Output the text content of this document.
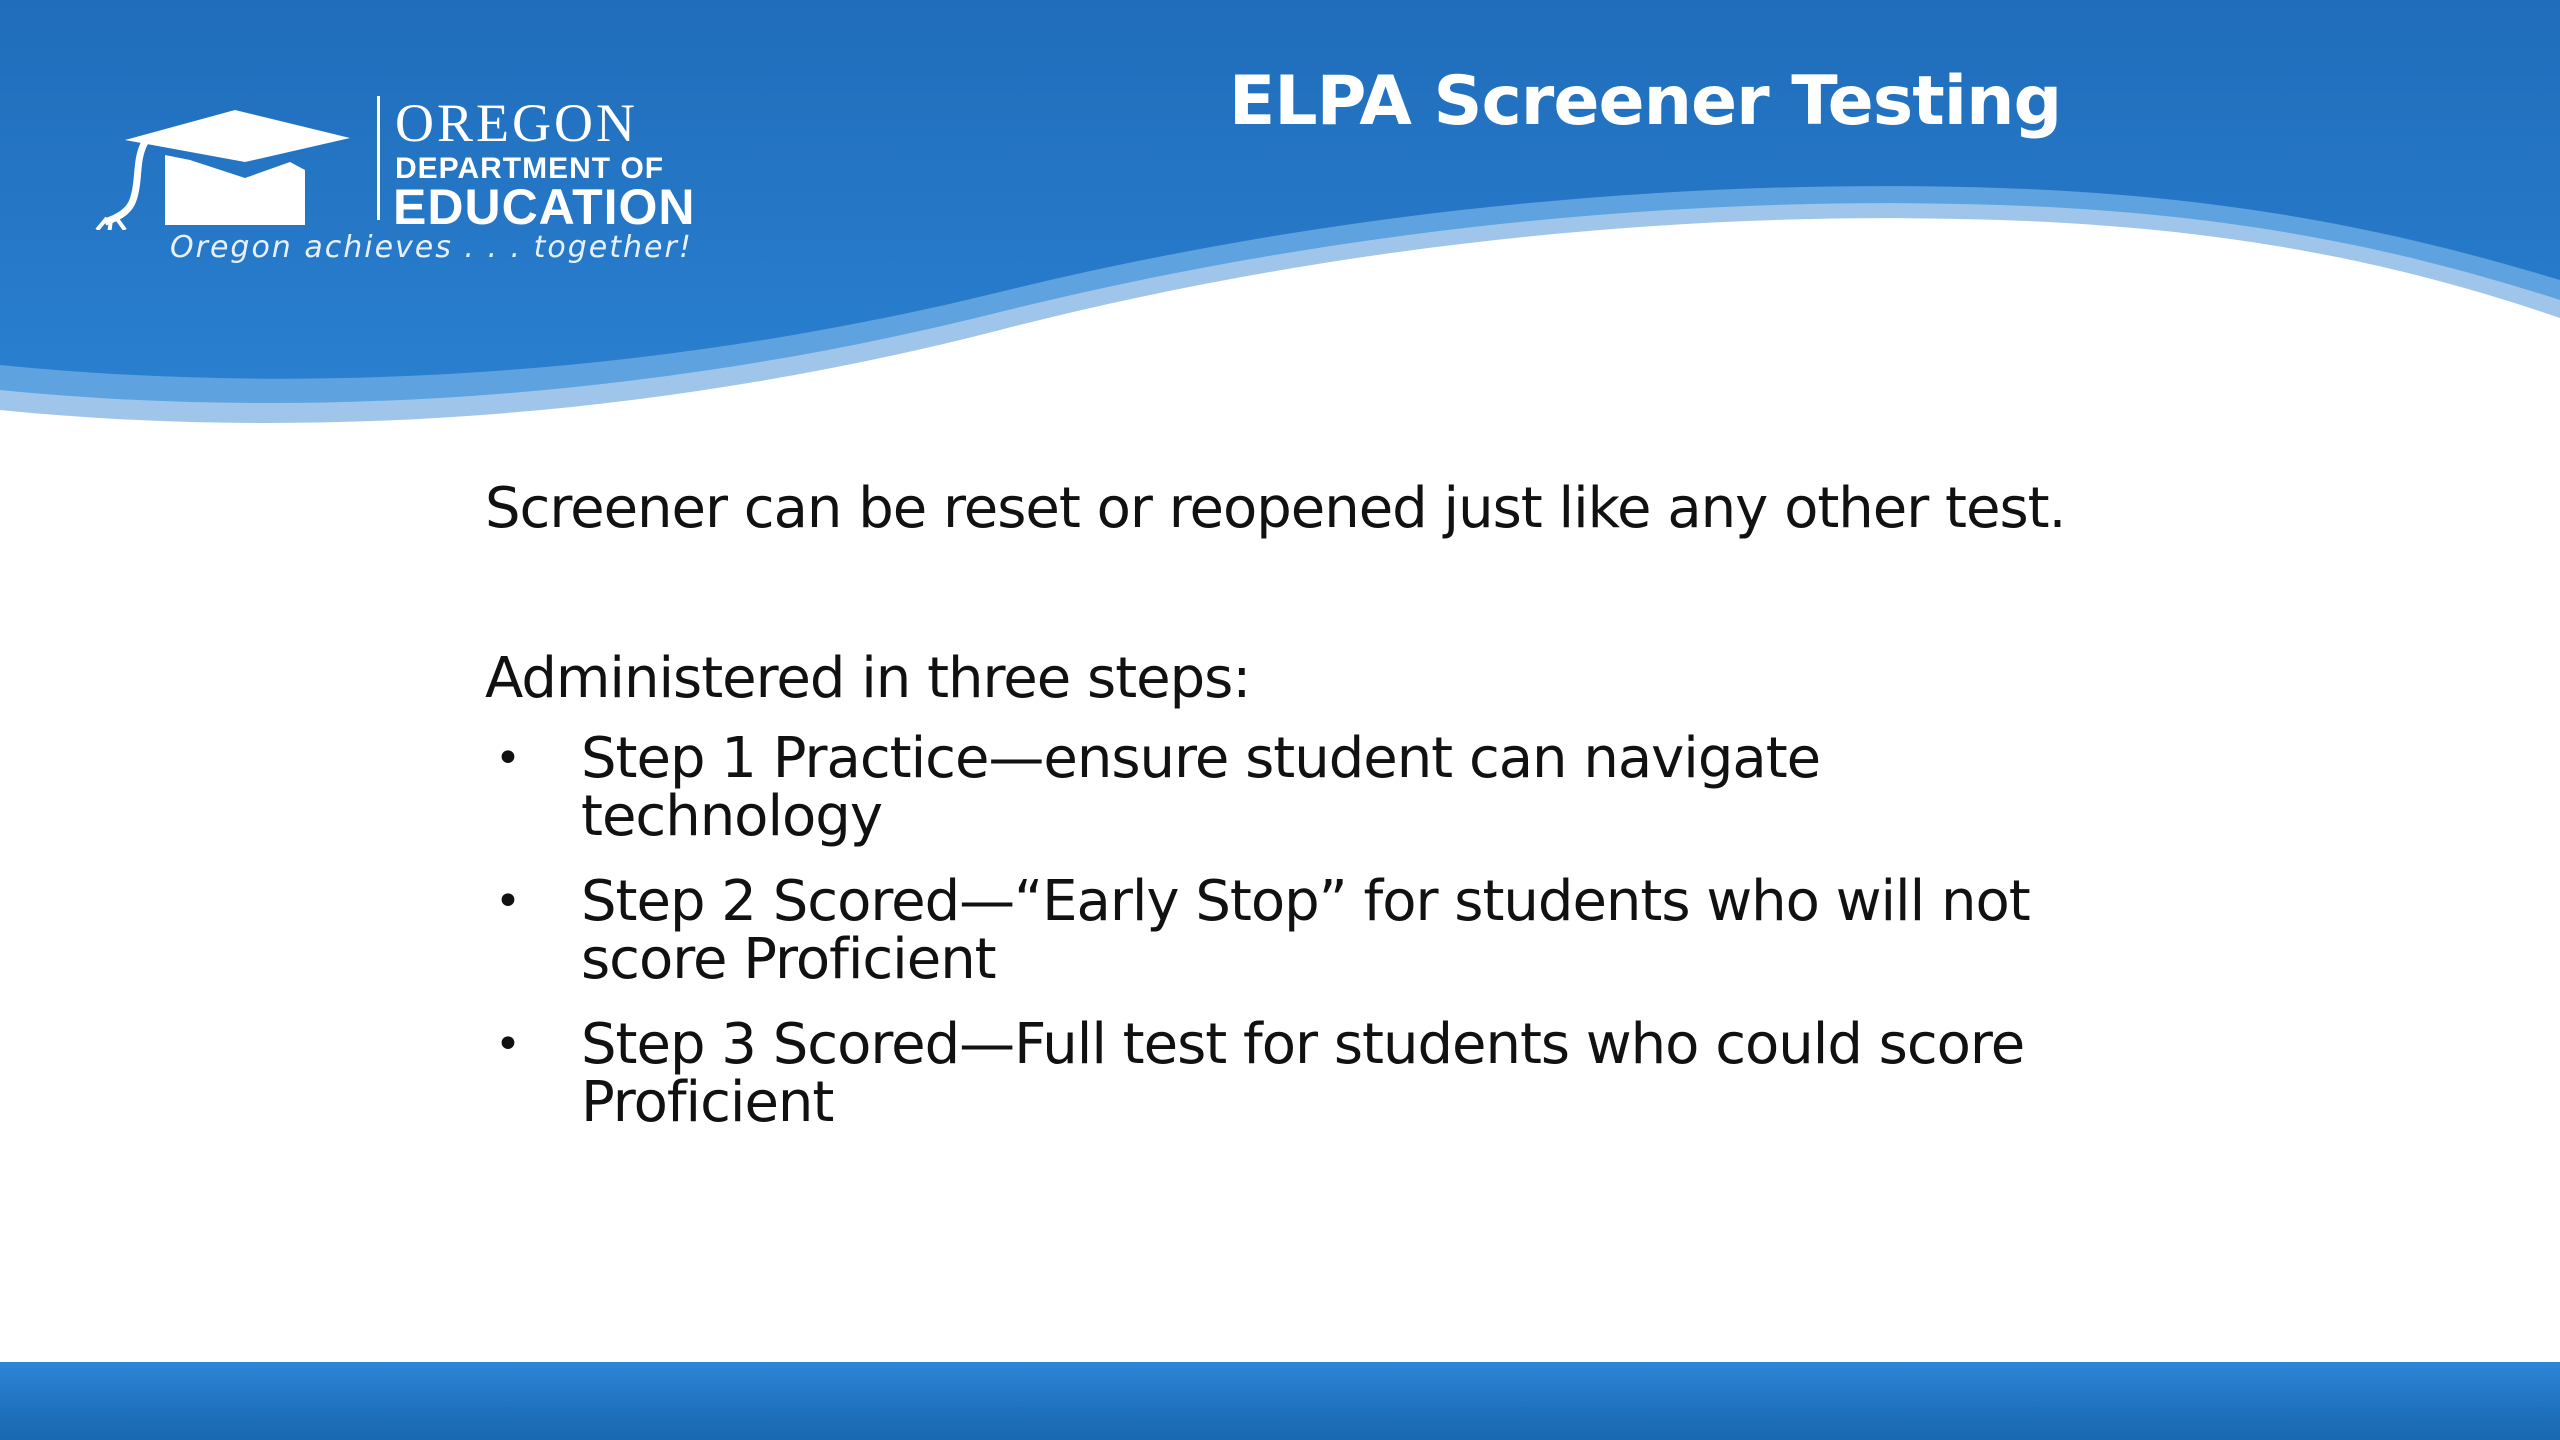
OREGON
DEPARTMENT OF
EDUCATION
Oregon achieves . . . together!
ELPA Screener Testing

Screener can be reset or reopened just like any other test.

Administered in three steps:

• Step 1 Practice—ensure student can navigate technology
• Step 2 Scored—“Early Stop” for students who will not score Proficient
• Step 3 Scored—Full test for students who could score Proficient
